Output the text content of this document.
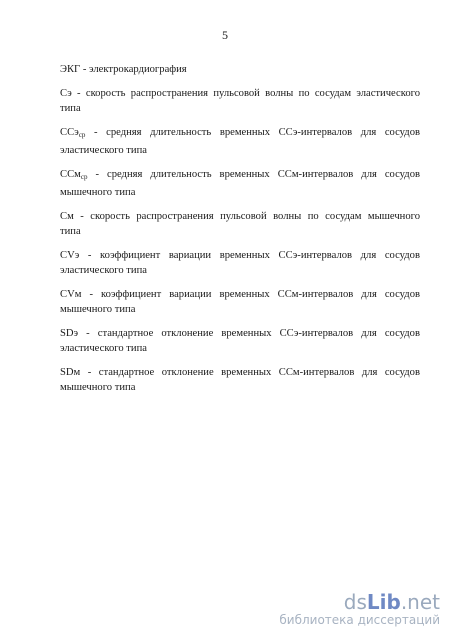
5
ЭКГ - электрокардиография
Сэ - скорость распространения пульсовой волны по сосудам эластического
типа
ССэ$_{ср}$ - средняя длительность временных ССэ-интервалов для сосудов
эластического типа
ССм$_{ср}$ - средняя длительность временных ССм-интервалов для сосудов
мышечного типа
См - скорость распространения пульсовой волны по сосудам мышечного
типа
CVэ - коэффициент вариации временных ССэ-интервалов для сосудов
эластического типа
CVм - коэффициент вариации временных ССм-интервалов для сосудов
мышечного типа
SDэ - стандартное отклонение временных ССэ-интервалов для сосудов
эластического типа
SDм - стандартное отклонение временных ССм-интервалов для сосудов
мышечного типа
dsLib.net
библиотека диссертаций
